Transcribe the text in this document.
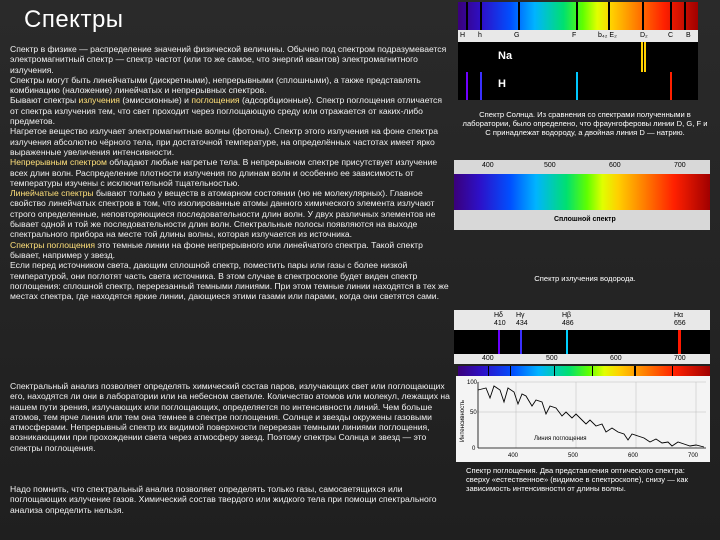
Спектры

Спектр в физике — распределение значений физической величины. Обычно под спектром подразумевается электромагнитный спектр — спектр частот (или то же самое, что энергий квантов) электромагнитного излучения.

Спектры могут быть линейчатыми (дискретными), непрерывными (сплошными), а также представлять комбинацию (наложение) линейчатых и непрерывных спектров.

Бывают спектры излучения (эмиссионные) и поглощения (адсорбционные). Спектр поглощения отличается от спектра излучения тем, что свет проходит через поглощающую среду или отражается от каких-либо предметов.

Нагретое вещество излучает электромагнитные волны (фотоны). Спектр этого излучения на фоне спектра излучения абсолютно чёрного тела, при достаточной температуре, на определённых частотах имеет ярко выраженные увеличения интенсивности.

Непрерывным спектром обладают любые нагретые тела. В непрерывном спектре присутствует излучение всех длин волн. Распределение плотности излучения по длинам волн и особенно ее зависимость от температуры изучены с исключительной тщательностью.

Линейчатые спектры бывают только у веществ в атомарном состоянии (но не молекулярных). Главное свойство линейчатых спектров в том, что изолированные атомы данного химического элемента излучают строго определенные, неповторяющиеся последовательности длин волн. У двух различных элементов не бывает одной и той же последовательности длин волн. Спектральные полосы появляются на выходе спектрального прибора на месте той длины волны, которая излучается из источника.

Спектры поглощения это темные линии на фоне непрерывного или линейчатого спектра. Такой спектр бывает, например у звезд.

Если перед источником света, дающим сплошной спектр, поместить пары или газы с более низкой температурой, они поглотят часть света источника. В этом случае в спектроскопе будет виден спектр поглощения: сплошной спектр, перерезанный темными линиями. При этом темные линии находятся в тех же местах спектра, где находятся яркие линии, дающиеся этими газами или парами, когда они светятся сами.

Спектральный анализ позволяет определять химический состав паров, излучающих свет или поглощающих его, находятся ли они в лаборатории или на небесном светиле. Количество атомов или молекул, лежащих на нашем пути зрения, излучающих или поглощающих, определяется по интенсивности линий. Чем больше атомов, тем ярче линия или тем она темнее в спектре поглощения. Солнце и звезды окружены газовыми атмосферами. Непрерывный спектр их видимой поверхности перерезан темными линиями поглощения, возникающими при прохождении света через атмосферу звезд. Поэтому спектры Солнца и звезд — это спектры поглощения.

Надо помнить, что спектральный анализ позволяет определять только газы, самосветящихся или поглощающих излучение газов. Химический состав твердого или жидкого тела при помощи спектрального анализа определить нельзя.

H h	G	F	b₄₂ E₂	D₂	C B
Na
H
Спектр Солнца. Из сравнения со спектрами полученными в лаборатории, было определено, что фраунгоферовы линии D, G, F и C принадлежат водороду, а двойная линия D — натрию.
400	500	600	700
Сплошной спектр
Спектр излучения водорода.
Hδ
410
Hγ
434
Hβ
486
Hα
656
400	500	600	700
Интенсивность
100
50
0
400	500	600	700
Линия поглощения
Спектр поглощения. Два представления оптического спектра: сверху «естественное» (видимое в спектроскопе), снизу — как зависимость интенсивности от длины волны.
